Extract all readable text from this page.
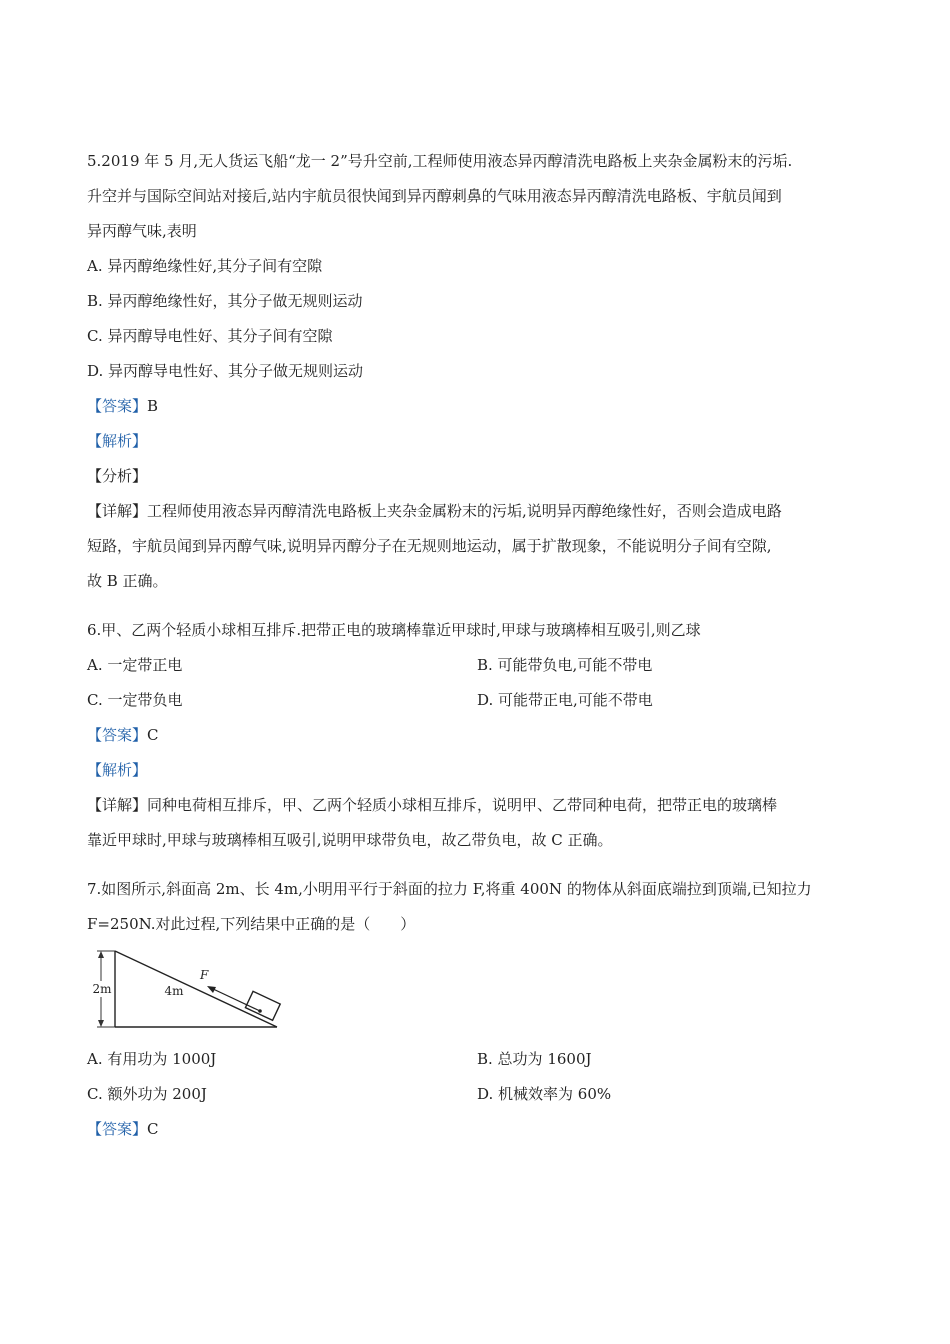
5.2019 年 5 月,无人货运飞船“龙一 2”号升空前,工程师使用液态异丙醇清洗电路板上夹杂金属粉末的污垢.
升空并与国际空间站对接后,站内宇航员很快闻到异丙醇刺鼻的气味用液态异丙醇清洗电路板、宇航员闻到
异丙醇气味,表明
A. 异丙醇绝缘性好,其分子间有空隙
B. 异丙醇绝缘性好，其分子做无规则运动
C. 异丙醇导电性好、其分子间有空隙
D. 异丙醇导电性好、其分子做无规则运动
【答案】B
【解析】
【分析】
【详解】工程师使用液态异丙醇清洗电路板上夹杂金属粉末的污垢,说明异丙醇绝缘性好，否则会造成电路
短路，宇航员闻到异丙醇气味,说明异丙醇分子在无规则地运动，属于扩散现象，不能说明分子间有空隙,
故 B 正确。
6.甲、乙两个轻质小球相互排斥.把带正电的玻璃棒靠近甲球时,甲球与玻璃棒相互吸引,则乙球
A. 一定带正电	B. 可能带负电,可能不带电
C. 一定带负电	D. 可能带正电,可能不带电
【答案】C
【解析】
【详解】同种电荷相互排斥，甲、乙两个轻质小球相互排斥，说明甲、乙带同种电荷，把带正电的玻璃棒
靠近甲球时,甲球与玻璃棒相互吸引,说明甲球带负电，故乙带负电，故 C 正确。
7.如图所示,斜面高 2m、长 4m,小明用平行于斜面的拉力 F,将重 400N 的物体从斜面底端拉到顶端,已知拉力
F=250N.对此过程,下列结果中正确的是（　　）
2m	4m
F
A. 有用功为 1000J	B. 总功为 1600J
C. 额外功为 200J	D. 机械效率为 60%
【答案】C
